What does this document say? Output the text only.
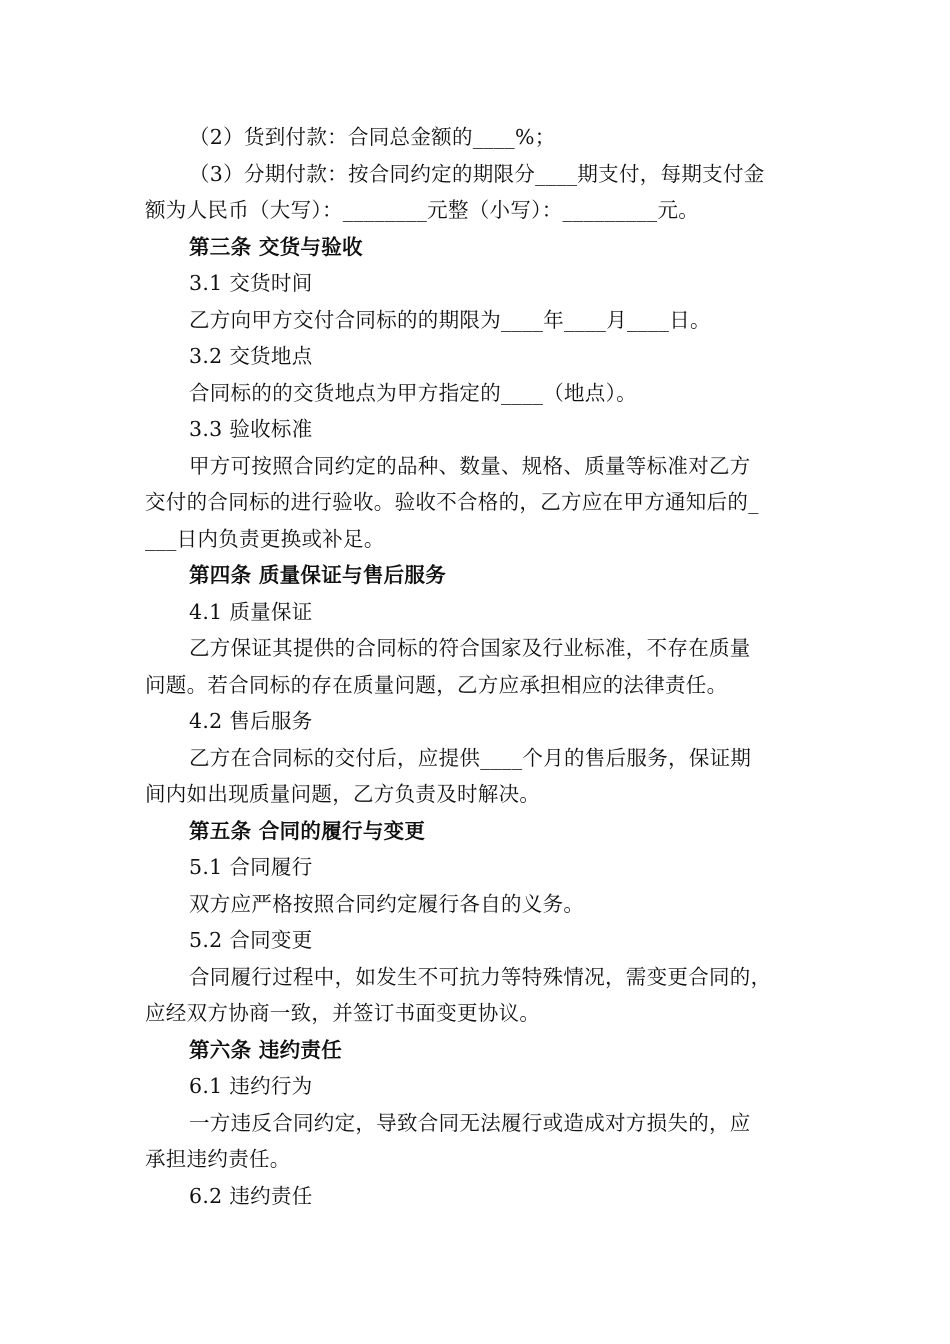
（2）货到付款：合同总金额的____%；
（3）分期付款：按合同约定的期限分____期支付，每期支付金
额为人民币（大写）：________元整（小写）：_________元。
第三条 交货与验收
3.1 交货时间
乙方向甲方交付合同标的的期限为____年____月____日。
3.2 交货地点
合同标的的交货地点为甲方指定的____（地点）。
3.3 验收标准
甲方可按照合同约定的品种、数量、规格、质量等标准对乙方
交付的合同标的进行验收。验收不合格的，乙方应在甲方通知后的_
___日内负责更换或补足。
第四条 质量保证与售后服务
4.1 质量保证
乙方保证其提供的合同标的符合国家及行业标准，不存在质量
问题。若合同标的存在质量问题，乙方应承担相应的法律责任。
4.2 售后服务
乙方在合同标的交付后，应提供____个月的售后服务，保证期
间内如出现质量问题，乙方负责及时解决。
第五条 合同的履行与变更
5.1 合同履行
双方应严格按照合同约定履行各自的义务。
5.2 合同变更
合同履行过程中，如发生不可抗力等特殊情况，需变更合同的，
应经双方协商一致，并签订书面变更协议。
第六条 违约责任
6.1 违约行为
一方违反合同约定，导致合同无法履行或造成对方损失的，应
承担违约责任。
6.2 违约责任
